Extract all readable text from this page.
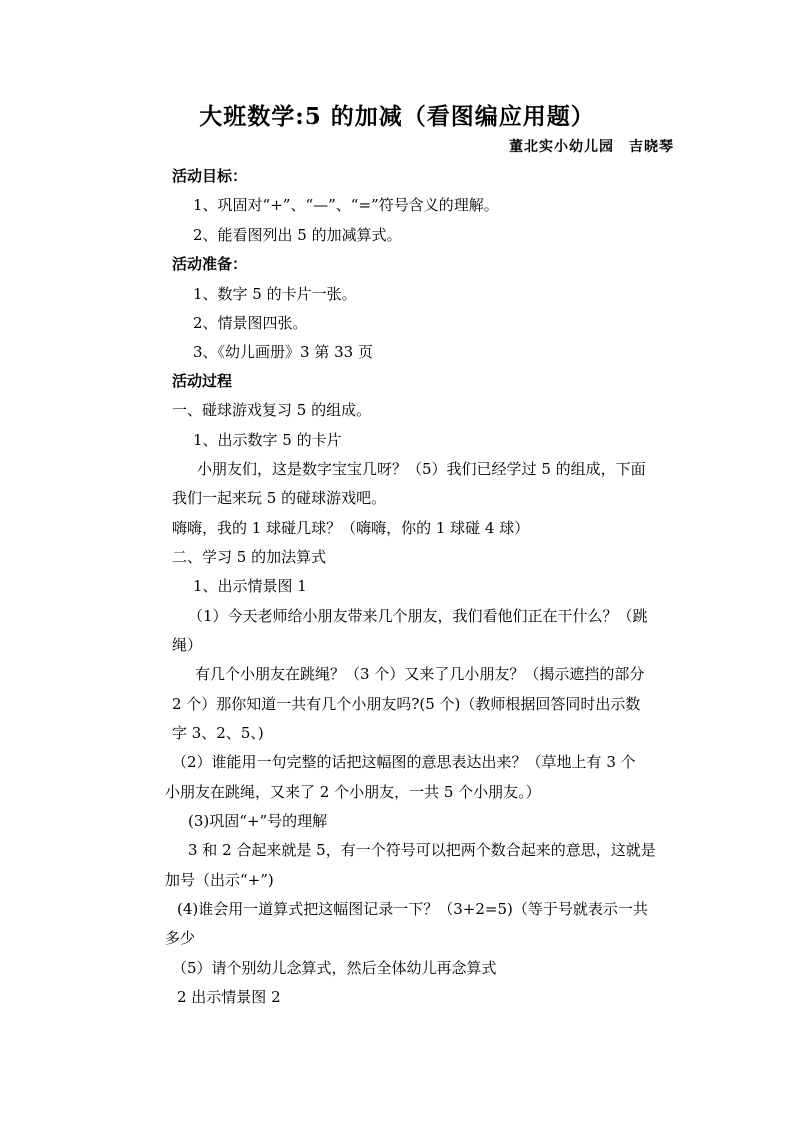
大班数学:5 的加减（看图编应用题）
董北实小幼儿园　吉晓琴
活动目标：
1、巩固对“+”、“—”、“=”符号含义的理解。
2、能看图列出 5 的加减算式。
活动准备：
1、数字 5 的卡片一张。
2、情景图四张。
3、《幼儿画册》3 第 33 页
活动过程
一、碰球游戏复习 5 的组成。
1、出示数字 5 的卡片
小朋友们，这是数字宝宝几呀？（5）我们已经学过 5 的组成，下面
我们一起来玩 5 的碰球游戏吧。
嗨嗨，我的 1 球碰几球？（嗨嗨，你的 1 球碰 4 球）
二、学习 5 的加法算式
1、出示情景图 1
（1）今天老师给小朋友带来几个朋友，我们看他们正在干什么？（跳
绳）
有几个小朋友在跳绳？（3 个）又来了几小朋友？（揭示遮挡的部分
2 个）那你知道一共有几个小朋友吗?(5 个)（教师根据回答同时出示数
字 3、2、5、)
（2）谁能用一句完整的话把这幅图的意思表达出来？（草地上有 3 个
小朋友在跳绳，又来了 2 个小朋友，一共 5 个小朋友。）
(3)巩固“+”号的理解
3 和 2 合起来就是 5，有一个符号可以把两个数合起来的意思，这就是
加号（出示“+”)
(4)谁会用一道算式把这幅图记录一下？（3+2=5)（等于号就表示一共
多少
（5）请个别幼儿念算式，然后全体幼儿再念算式
2 出示情景图 2
